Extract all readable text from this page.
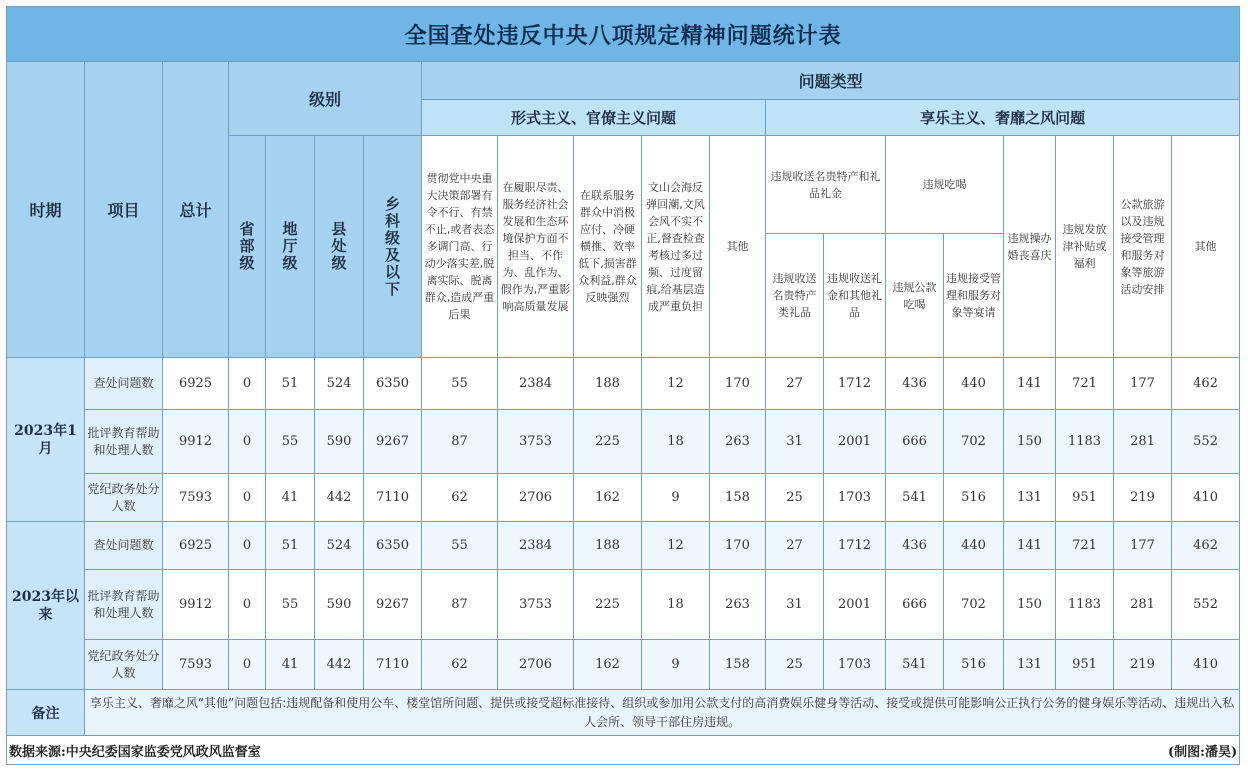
全国查处违反中央八项规定精神问题统计表																			
时期	项目	总计	级别				问题类型												
							形式主义、官僚主义问题					享乐主义、奢靡之风问题							

			省部级	地厅级	县处级	乡科级及以下	贯彻党中央重大决策部署有令不行、有禁不止,或者表态多调门高、行动少落实差,脱离实际、脱离群众,造成严重后果	在履职尽责、服务经济社会发展和生态环境保护方面不担当、不作为、乱作为、假作为,严重影响高质量发展	在联系服务群众中消极应付、冷硬横推、效率低下,损害群众利益,群众反映强烈	文山会海反弹回潮,文风会风不实不正,督查检查考核过多过频、过度留痕,给基层造成严重负担	其他	违规收送名贵特产和礼品礼金		违规吃喝		违规操办婚丧喜庆	违规发放津补贴或福利	公款旅游以及违规接受管理和服务对象等旅游活动安排	其他
												违规收送名贵特产类礼品	违规收送礼金和其他礼品	违规公款吃喝	违规接受管理和服务对象等宴请				
2023年1月	查处问题数	6925	0	51	524	6350	55	2384	188	12	170	27	1712	436	440	141	721	177	462
	批评教育帮助和处理人数	9912	0	55	590	9267	87	3753	225	18	263	31	2001	666	702	150	1183	281	552
	党纪政务处分人数	7593	0	41	442	7110	62	2706	162	9	158	25	1703	541	516	131	951	219	410
2023年以来	查处问题数	6925	0	51	524	6350	55	2384	188	12	170	27	1712	436	440	141	721	177	462
	批评教育帮助和处理人数	9912	0	55	590	9267	87	3753	225	18	263	31	2001	666	702	150	1183	281	552
	党纪政务处分人数	7593	0	41	442	7110	62	2706	162	9	158	25	1703	541	516	131	951	219	410
备注	享乐主义、奢靡之风“其他”问题包括:违规配备和使用公车、楼堂馆所问题、提供或接受超标准接待、组织或参加用公款支付的高消费娱乐健身等活动、接受或提供可能影响公正执行公务的健身娱乐等活动、违规出入私人会所、领导干部住房违规。																		

数据来源:中央纪委国家监委党风政风监督室 (制图:潘昊)																			
